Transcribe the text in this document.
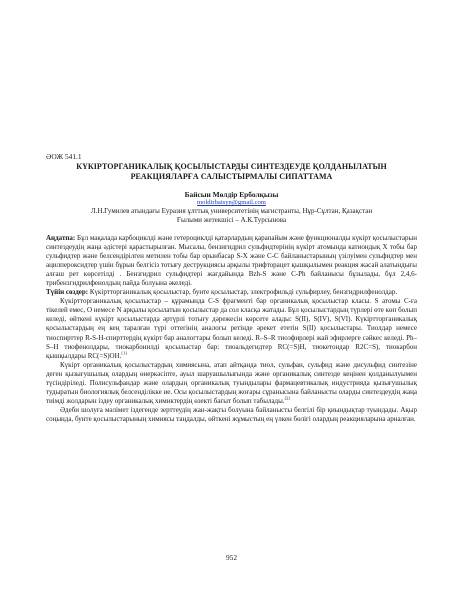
ӘОЖ 541.1
КҮКІРТОРГАНИКАЛЫҚ ҚОСЫЛЫСТАРДЫ СИНТЕЗДЕУДЕ ҚОЛДАНЫЛАТЫН
РЕАКЦИЯЛАРҒА САЛЫСТЫРМАЛЫ СИПАТТАМА
Байсын Мөлдір Ерболқызы
moldirbaisyn@gmail.com
Л.Н.Гумилев атындағы Еуразия ұлттық университетінің магистранты, Нұр-Сұлтан, Қазақстан
Ғылыми жетекшісі – А.К.Турсынова

Аңдатпа: Бұл мақалада карбоциклді және гетероциклді қатарлардың қарапайым және функционалды күкірт қосылыстарын синтездеудің жаңа әдістері қарастырылған. Мысалы, бензигидрил сульфидтерінің күкірт атомында катиондық Х тобы бар сульфидтер және белсендірілген метилен тобы бар орынбасар S-X және С-С байланыстарының үзілуімен сульфидтер мен ацилпероксидтер үшін бұрын белгісіз тотығу деструкциясы арқылы трифторацет қышқылымен реакция жасай алатындығы алғаш рет көрсетілді . Бензгидрил сульфидтері жағдайында Bzh-S және С-Ph байланысы бұзылады, бұл 2,4,6-трибензгидрилфенолдың пайда болуына әкеледі.

Түйін сөздер: Күкіртторганикалық қосылыстар, бунте қосылыстар, электрофильді сульфирлеу, бензгидрилфенолдар.

Күкіртторганикалық қосылыстар – құрамында С-S фрагменті бар органикалық қосылыстар класы. S атомы С-ға тікелей емес, О немесе N арқылы қосылатын қосылыстар да сол класқа жатады. Бұл қосылыстардың түрлері өте көп болып келеді, өйткені күкірт қосылыстарда әртүрлі тотығу дәрежесін көрсете алады: S(II), S(IV), S(VI). Күкіртторганикалық қосылыстардың ең кең таралған түрі оттегінің аналогы ретінде әрекет ететін S(II) қосылыстары. Тиолдар немесе тиоспирттер R-S-H-спирттердің күкірт бар аналогтары болып келеді. R–S–R тиоэфирлері жай эфирлерге сәйкес келеді. Ph–S–H тиофенолдары, тиокарбонилді қосылыстар бар: тиоальдегидтер RC(=S)H, тиокетондар R2C=S), тиокарбон қышқылдары RC(=S)OH.[1]

Күкірт органикалық қосылыстардың химиясына, атап айтқанда тиол, сульфан, сульфид және дисульфид синтезіне деген қызығушылық олардың өнеркәсіпте, ауыл шаруашылығында және органикалық синтезде кеңінен қолданылуымен түсіндіріледі. Полисульфандар және олардың органикалық туындылары фармацевтикалық индустрияда қызығушылық тудыратын биологиялық белсенділікке ие. Осы қосылыстардың жоғары сұранысына байланысты оларды синтездеудің жаңа тиімді жолдарын іздеу органикалық химиктердің өзекті бағыт болып табылады.[2]

Әдеби шолуға мәлімет іздегенде зерттеудің жан-жақты болуына байланысты белгілі бір қиындықтар туындады. Ақыр соңында, бунте қосылыстарының химиясы таңдалды, өйткені жұмыстың ең үлкен бөлігі олардың реакцияларына арналған.

952
